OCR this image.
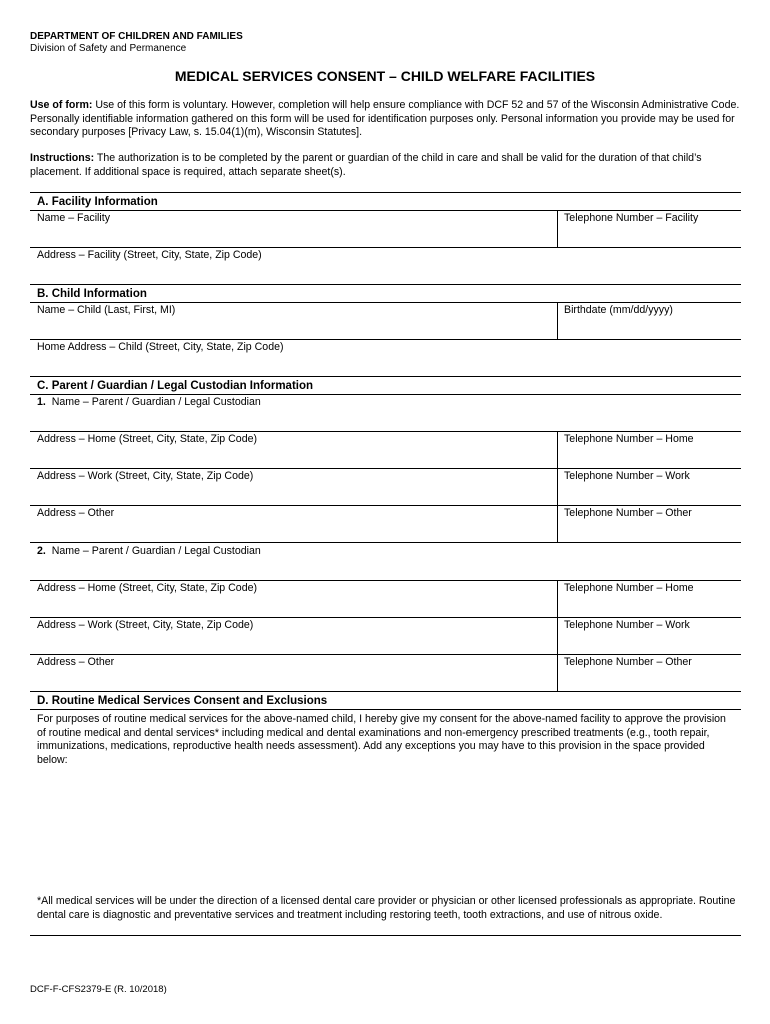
DEPARTMENT OF CHILDREN AND FAMILIES
Division of Safety and Permanence
MEDICAL SERVICES CONSENT – CHILD WELFARE FACILITIES
Use of form: Use of this form is voluntary. However, completion will help ensure compliance with DCF 52 and 57 of the Wisconsin Administrative Code. Personally identifiable information gathered on this form will be used for identification purposes only. Personal information you provide may be used for secondary purposes [Privacy Law, s. 15.04(1)(m), Wisconsin Statutes].
Instructions: The authorization is to be completed by the parent or guardian of the child in care and shall be valid for the duration of that child’s placement. If additional space is required, attach separate sheet(s).
A. Facility Information
Name – Facility	Telephone Number – Facility
Address – Facility (Street, City, State, Zip Code)
B. Child Information
Name – Child (Last, First, MI)	Birthdate (mm/dd/yyyy)
Home Address – Child (Street, City, State, Zip Code)
C. Parent / Guardian / Legal Custodian Information
1. Name – Parent / Guardian / Legal Custodian
Address – Home (Street, City, State, Zip Code)	Telephone Number – Home
Address – Work (Street, City, State, Zip Code)	Telephone Number – Work
Address – Other	Telephone Number – Other
2. Name – Parent / Guardian / Legal Custodian
Address – Home (Street, City, State, Zip Code)	Telephone Number – Home
Address – Work (Street, City, State, Zip Code)	Telephone Number – Work
Address – Other	Telephone Number – Other
D. Routine Medical Services Consent and Exclusions
For purposes of routine medical services for the above-named child, I hereby give my consent for the above-named facility to approve the provision of routine medical and dental services* including medical and dental examinations and non-emergency prescribed treatments (e.g., tooth repair, immunizations, medications, reproductive health needs assessment). Add any exceptions you may have to this provision in the space provided below:
*All medical services will be under the direction of a licensed dental care provider or physician or other licensed professionals as appropriate. Routine dental care is diagnostic and preventative services and treatment including restoring teeth, tooth extractions, and use of nitrous oxide.
DCF-F-CFS2379-E (R. 10/2018)
